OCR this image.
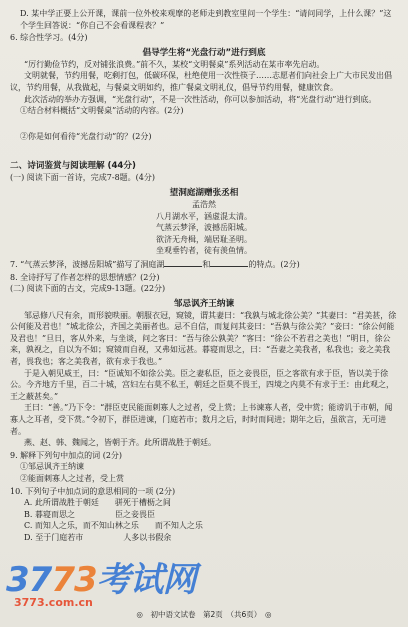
D. 某中学正要上公开课，课前一位外校来观摩的老师走到教室里问一个学生：“请问同学，上什么课？”这个学生回答说：“你自己不会看课程表？”

6. 综合性学习。(4分)

倡导学生将“光盘行动”进行到底

“厉行勤俭节约，反对铺张浪费。”前不久，某校“文明餐桌”系列活动在某市率先启动。

文明就餐，节约用餐，吃剩打包，低碳环保，杜绝使用一次性筷子……志愿者们向社会上广大市民发出倡议，节约用餐，从我做起，与餐桌文明如约，推广餐桌文明礼仪，倡导节约用餐，健康饮食。

此次活动的举办方强调，“光盘行动”，不是一次性活动，你可以参加活动，将“光盘行动”进行到底。

①结合材料概括“文明餐桌”活动的内容。(2分)

②你是如何看待“光盘行动”的？(2分)

二、诗词鉴赏与阅读理解 (44分)

(一) 阅读下面一首诗，完成7-8题。(4分)

望洞庭湖赠张丞相

孟浩然

八月湖水平，涵虚混太清。

气蒸云梦泽，波撼岳阳城。

欲济无舟楫，端居耻圣明。

坐观垂钓者，徒有羡鱼情。

7. “气蒸云梦泽，波撼岳阳城”描写了洞庭湖	和	的特点。(2分)

8. 全诗抒写了作者怎样的思想情感？(2分)

(二) 阅读下面的古文，完成9-13题。(22分)

邹忌讽齐王纳谏

邹忌修八尺有余，而形貌昳丽。朝服衣冠，窥镜，谓其妻曰：“我孰与城北徐公美？”其妻曰：“君美甚，徐公何能及君也！”城北徐公，齐国之美丽者也。忌不自信，而复问其妾曰：“吾孰与徐公美？”妾曰：“徐公何能及君也！”旦日，客从外来，与坐谈，问之客曰：“吾与徐公孰美？”客曰：“徐公不若君之美也！”明日，徐公来，孰视之，自以为不如；窥镜而自视，又弗如远甚。暮寝而思之，曰：“吾妻之美我者，私我也；妾之美我者，畏我也；客之美我者，欲有求于我也。”

于是入朝见威王，曰：“臣诚知不如徐公美。臣之妻私臣，臣之妾畏臣，臣之客欲有求于臣，皆以美于徐公。今齐地方千里，百二十城，宫妇左右莫不私王，朝廷之臣莫不畏王，四境之内莫不有求于王：由此观之，王之蔽甚矣。”

王曰：“善。”乃下令：“群臣吏民能面刺寡人之过者，受上赏；上书谏寡人者，受中赏；能谤讥于市朝，闻寡人之耳者，受下赏。”令初下，群臣进谏，门庭若市；数月之后，时时而间进；期年之后，虽欲言，无可进者。

燕、赵、韩、魏闻之，皆朝于齐。此所谓战胜于朝廷。

9. 解释下列句中加点的词 (2分)

①邹忌讽齐王纳谏

②能面刺寡人之过者，受上赏

10. 下列句子中加点词的意思相同的一项 (2分)

A. 此所谓战胜于朝廷　　骈死于槽枥之间

B. 暮寝而思之　　　　　臣之妾畏臣

C. 而知人之乐，而不知山林之乐　　而不知人之乐

D. 至于门庭若市　　　　　人多以书假余

3773考试网
3773.com.cn
◎　初中语文试卷　第2页　（共6页）　◎
